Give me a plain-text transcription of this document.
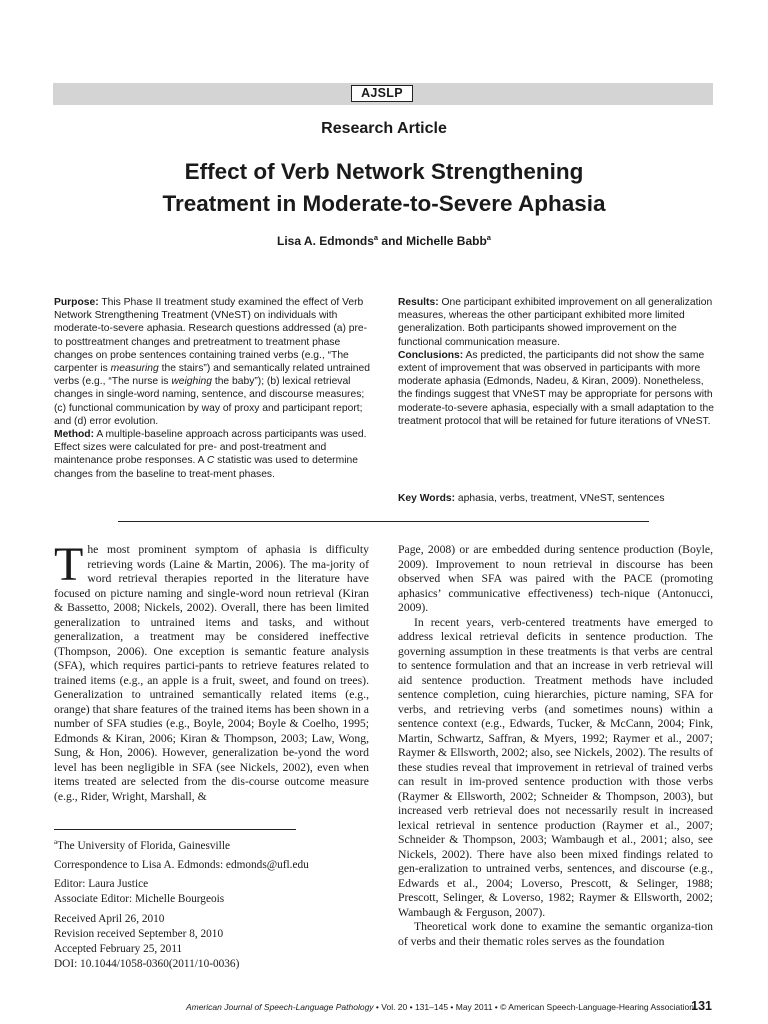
AJSLP
Research Article
Effect of Verb Network Strengthening
Treatment in Moderate-to-Severe Aphasia
Lisa A. Edmonds$^a$ and Michelle Babb$^a$

Purpose: This Phase II treatment study examined the effect of Verb Network Strengthening Treatment (VNeST) on individuals with moderate-to-severe aphasia. Research questions addressed (a) pre- to posttreatment changes and pretreatment to treatment phase changes on probe sentences containing trained verbs (e.g., “The carpenter is measuring the stairs”) and semantically related untrained verbs (e.g., “The nurse is weighing the baby”); (b) lexical retrieval changes in single-word naming, sentence, and discourse measures; (c) functional communication by way of proxy and participant report; and (d) error evolution.

Method: A multiple-baseline approach across participants was used. Effect sizes were calculated for pre- and post-treatment and maintenance probe responses. A C statistic was used to determine changes from the baseline to treat-ment phases.

Results: One participant exhibited improvement on all generalization measures, whereas the other participant exhibited more limited generalization. Both participants showed improvement on the functional communication measure.

Conclusions: As predicted, the participants did not show the same extent of improvement that was observed in participants with more moderate aphasia (Edmonds, Nadeu, & Kiran, 2009). Nonetheless, the findings suggest that VNeST may be appropriate for persons with moderate-to-severe aphasia, especially with a small adaptation to the treatment protocol that will be retained for future iterations of VNeST.

Key Words: aphasia, verbs, treatment, VNeST, sentences

The most prominent symptom of aphasia is difficulty retrieving words (Laine & Martin, 2006). The ma-jority of word retrieval therapies reported in the literature have focused on picture naming and single-word noun retrieval (Kiran & Bassetto, 2008; Nickels, 2002). Overall, there has been limited generalization to untrained items and tasks, and without generalization, a treatment may be considered ineffective (Thompson, 2006). One exception is semantic feature analysis (SFA), which requires partici-pants to retrieve features related to trained items (e.g., an apple is a fruit, sweet, and found on trees). Generalization to untrained semantically related items (e.g., orange) that share features of the trained items has been shown in a number of SFA studies (e.g., Boyle, 2004; Boyle & Coelho, 1995; Edmonds & Kiran, 2006; Kiran & Thompson, 2003; Law, Wong, Sung, & Hon, 2006). However, generalization be-yond the word level has been negligible in SFA (see Nickels, 2002), even when items treated are selected from the dis-course outcome measure (e.g., Rider, Wright, Marshall, &

Page, 2008) or are embedded during sentence production (Boyle, 2009). Improvement to noun retrieval in discourse has been observed when SFA was paired with the PACE (promoting aphasics’ communicative effectiveness) tech-nique (Antonucci, 2009).

In recent years, verb-centered treatments have emerged to address lexical retrieval deficits in sentence production. The governing assumption in these treatments is that verbs are central to sentence formulation and that an increase in verb retrieval will aid sentence production. Treatment methods have included sentence completion, cuing hierarchies, picture naming, SFA for verbs, and retrieving verbs (and sometimes nouns) within a sentence context (e.g., Edwards, Tucker, & McCann, 2004; Fink, Martin, Schwartz, Saffran, & Myers, 1992; Raymer et al., 2007; Raymer & Ellsworth, 2002; also, see Nickels, 2002). The results of these studies reveal that improvement in retrieval of trained verbs can result in im-proved sentence production with those verbs (Raymer & Ellsworth, 2002; Schneider & Thompson, 2003), but increased verb retrieval does not necessarily result in increased lexical retrieval in sentence production (Raymer et al., 2007; Schneider & Thompson, 2003; Wambaugh et al., 2001; also, see Nickels, 2002). There have also been mixed findings related to gen-eralization to untrained verbs, sentences, and discourse (e.g., Edwards et al., 2004; Loverso, Prescott, & Selinger, 1988; Prescott, Selinger, & Loverso, 1982; Raymer & Ellsworth, 2002; Wambaugh & Ferguson, 2007).

Theoretical work done to examine the semantic organiza-tion of verbs and their thematic roles serves as the foundation

$^a$The University of Florida, Gainesville
Correspondence to Lisa A. Edmonds: edmonds@ufl.edu
Editor: Laura Justice
Associate Editor: Michelle Bourgeois
Received April 26, 2010
Revision received September 8, 2010
Accepted February 25, 2011
DOI: 10.1044/1058-0360(2011/10-0036)
American Journal of Speech-Language Pathology • Vol. 20 • 131–145 • May 2011 • © American Speech-Language-Hearing Association
131
